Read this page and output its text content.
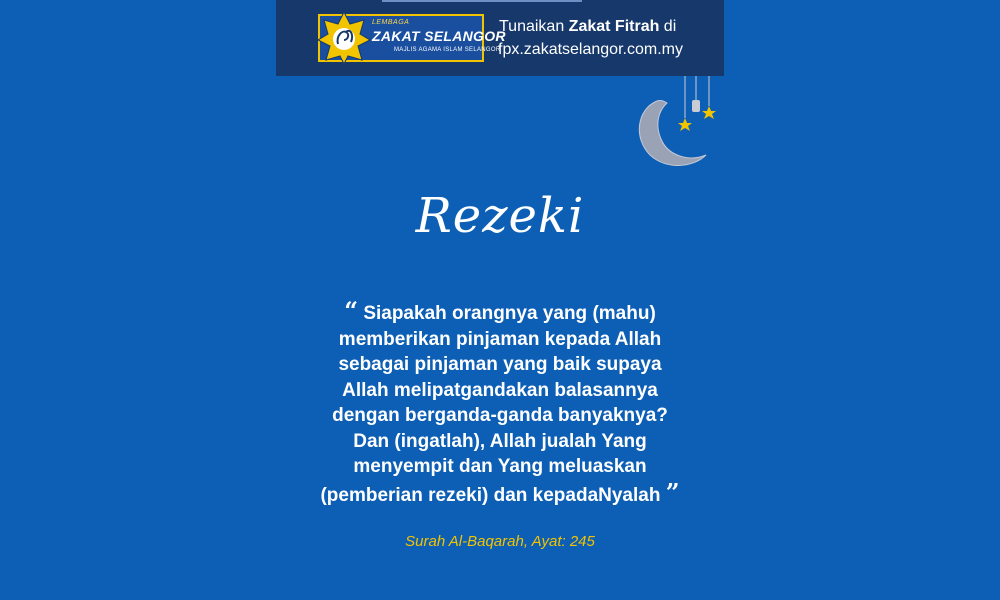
LEMBAGA
ZAKAT SELANGOR
MAJLIS AGAMA ISLAM SELANGOR
Tunaikan Zakat Fitrah di
fpx.zakatselangor.com.my
Rezeki
“ Siapakah orangnya yang (mahu)
memberikan pinjaman kepada Allah
sebagai pinjaman yang baik supaya
Allah melipatgandakan balasannya
dengan berganda-ganda banyaknya?
Dan (ingatlah), Allah jualah Yang
menyempit dan Yang meluaskan
(pemberian rezeki) dan kepadaNyalah ”
Surah Al-Baqarah, Ayat: 245
